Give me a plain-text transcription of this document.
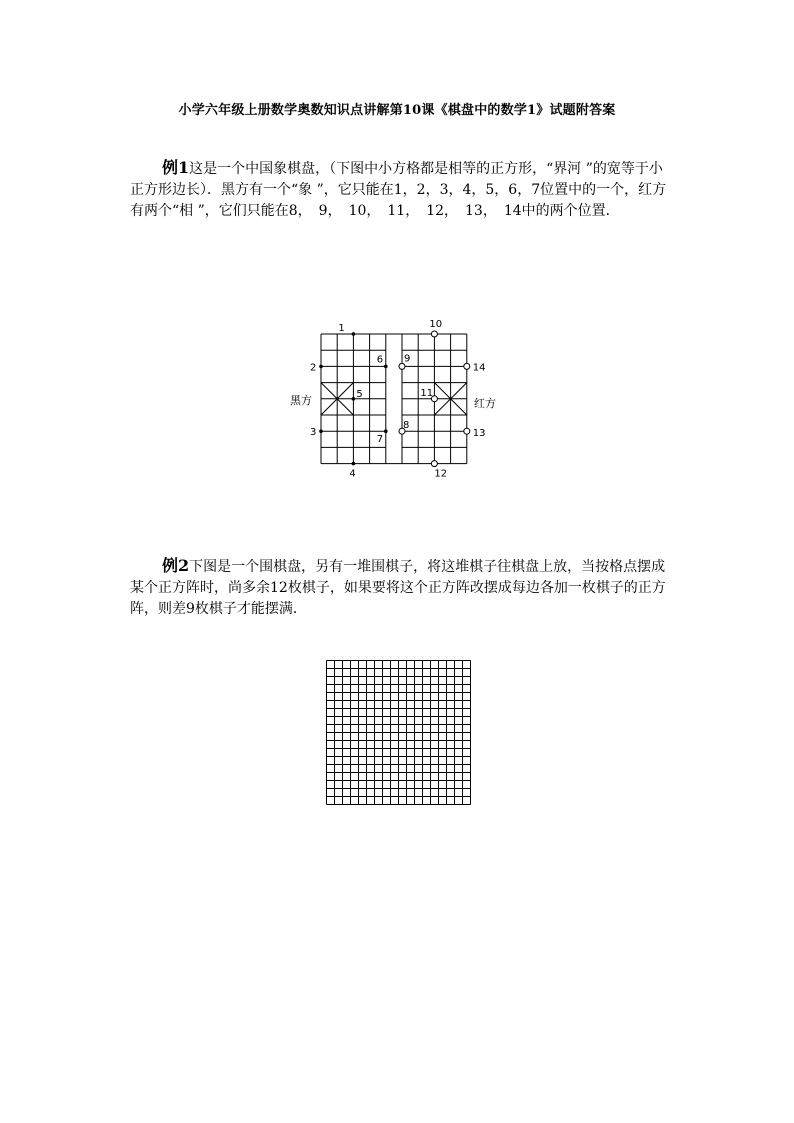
小学六年级上册数学奥数知识点讲解第10课《棋盘中的数学1》试题附答案
例1这是一个中国象棋盘，（下图中小方格都是相等的正方形，“界河 ”的宽等于小正方形边长）．黑方有一个“象 ”，它只能在1，2，3，4，5，6，7位置中的一个，红方有两个“相 ”，它们只能在8，　9，　10，　11，　12，　13，　14中的两个位置．
1
2
3
4
5
6
7
8
9
10
11
12
13
14
黑方	红方
例2下图是一个围棋盘，另有一堆围棋子，将这堆棋子往棋盘上放，当按格点摆成某个正方阵时，尚多余12枚棋子，如果要将这个正方阵改摆成每边各加一枚棋子的正方阵，则差9枚棋子才能摆满．
